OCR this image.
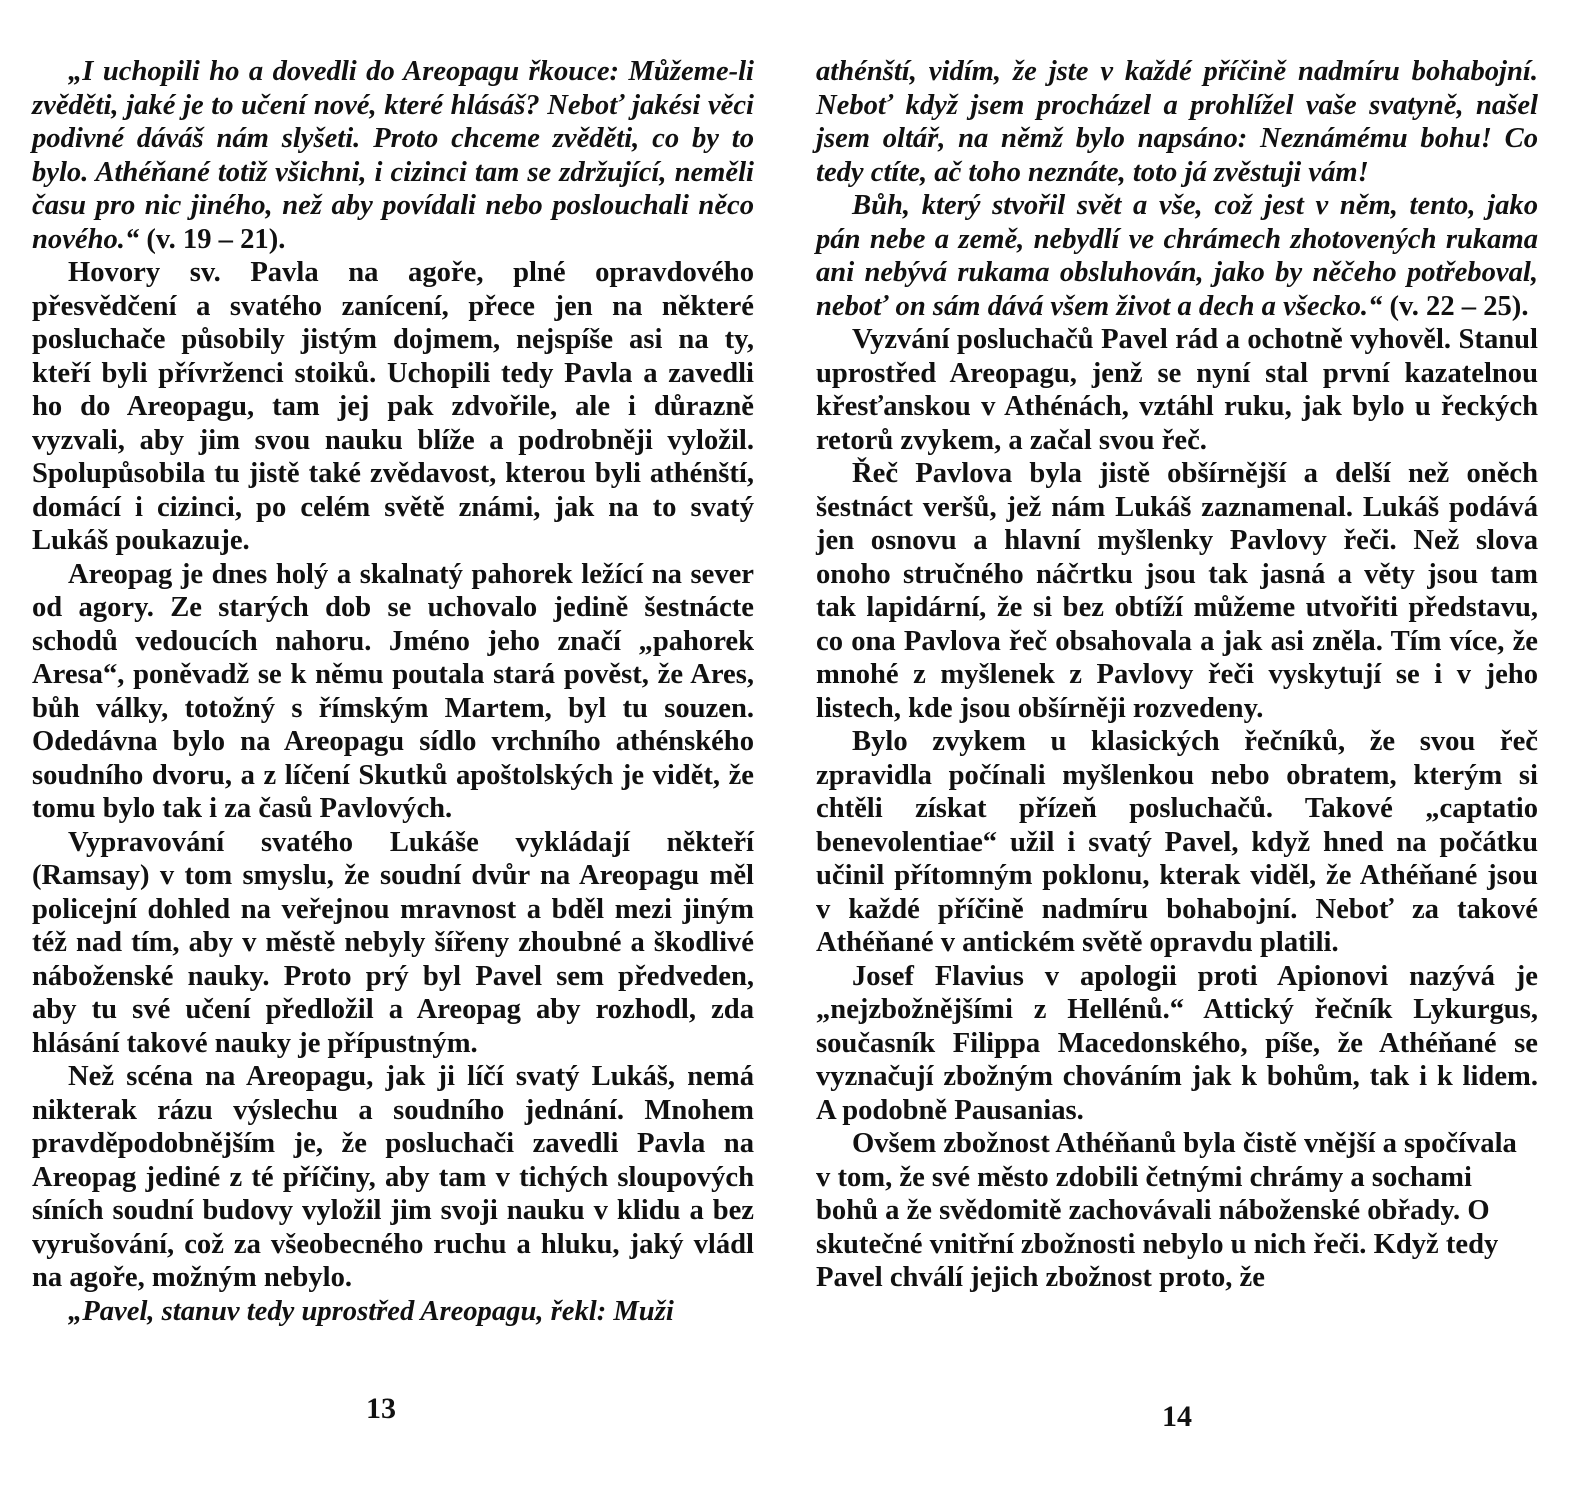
„I uchopili ho a dovedli do Areopagu řkouce: Můžeme-li zvěděti, jaké je to učení nové, které hlásáš? Neboť jakési věci podivné dáváš nám slyšeti. Proto chceme zvěděti, co by to bylo. Athéňané totiž všichni, i cizinci tam se zdržující, neměli času pro nic jiného, než aby povídali nebo poslouchali něco nového.“ (v. 19 – 21).

Hovory sv. Pavla na agoře, plné opravdového přesvědčení a svatého zanícení, přece jen na některé posluchače působily jistým dojmem, nejspíše asi na ty, kteří byli přívrženci stoiků. Uchopili tedy Pavla a zavedli ho do Areopagu, tam jej pak zdvořile, ale i důrazně vyzvali, aby jim svou nauku blíže a podrobněji vyložil. Spolupůsobila tu jistě také zvědavost, kterou byli athénští, domácí i cizinci, po celém světě známi, jak na to svatý Lukáš poukazuje.

Areopag je dnes holý a skalnatý pahorek ležící na sever od agory. Ze starých dob se uchovalo jedině šestnácte schodů vedoucích nahoru. Jméno jeho značí „pahorek Aresa“, poněvadž se k němu poutala stará pověst, že Ares, bůh války, totožný s římským Martem, byl tu souzen. Odedávna bylo na Areopagu sídlo vrchního athénského soudního dvoru, a z líčení Skutků apoštolských je vidět, že tomu bylo tak i za časů Pavlových.

Vypravování svatého Lukáše vykládají někteří (Ramsay) v tom smyslu, že soudní dvůr na Areopagu měl policejní dohled na veřejnou mravnost a bděl mezi jiným též nad tím, aby v městě nebyly šířeny zhoubné a škodlivé náboženské nauky. Proto prý byl Pavel sem předveden, aby tu své učení předložil a Areopag aby rozhodl, zda hlásání takové nauky je přípustným.

Než scéna na Areopagu, jak ji líčí svatý Lukáš, nemá nikterak rázu výslechu a soudního jednání. Mnohem pravděpodobnějším je, že posluchači zavedli Pavla na Areopag jediné z té příčiny, aby tam v tichých sloupových síních soudní budovy vyložil jim svoji nauku v klidu a bez vyrušování, což za všeobecného ruchu a hluku, jaký vládl na agoře, možným nebylo.

„Pavel, stanuv tedy uprostřed Areopagu, řekl: Muži

13

athénští, vidím, že jste v každé příčině nadmíru bohabojní. Neboť když jsem procházel a prohlížel vaše svatyně, našel jsem oltář, na němž bylo napsáno: Neznámému bohu! Co tedy ctíte, ač toho neznáte, toto já zvěstuji vám!

Bůh, který stvořil svět a vše, což jest v něm, tento, jako pán nebe a země, nebydlí ve chrámech zhotovených rukama ani nebývá rukama obsluhován, jako by něčeho potřeboval, neboť on sám dává všem život a dech a všecko.“ (v. 22 – 25).

Vyzvání posluchačů Pavel rád a ochotně vyhověl. Stanul uprostřed Areopagu, jenž se nyní stal první kazatelnou křesťanskou v Athénách, vztáhl ruku, jak bylo u řeckých retorů zvykem, a začal svou řeč.

Řeč Pavlova byla jistě obšírnější a delší než oněch šestnáct veršů, jež nám Lukáš zaznamenal. Lukáš podává jen osnovu a hlavní myšlenky Pavlovy řeči. Než slova onoho stručného náčrtku jsou tak jasná a věty jsou tam tak lapidární, že si bez obtíží můžeme utvořiti představu, co ona Pavlova řeč obsahovala a jak asi zněla. Tím více, že mnohé z myšlenek z Pavlovy řeči vyskytují se i v jeho listech, kde jsou obšírněji rozvedeny.

Bylo zvykem u klasických řečníků, že svou řeč zpravidla počínali myšlenkou nebo obratem, kterým si chtěli získat přízeň posluchačů. Takové „captatio benevolentiae“ užil i svatý Pavel, když hned na počátku učinil přítomným poklonu, kterak viděl, že Athéňané jsou v každé příčině nadmíru bohabojní. Neboť za takové Athéňané v antickém světě opravdu platili.

Josef Flavius v apologii proti Apionovi nazývá je „nejzbožnějšími z Hellénů.“ Attický řečník Lykurgus, současník Filippa Macedonského, píše, že Athéňané se vyznačují zbožným chováním jak k bohům, tak i k lidem. A podobně Pausanias.

Ovšem zbožnost Athéňanů byla čistě vnější a spočívala v tom, že své město zdobili četnými chrámy a sochami bohů a že svědomitě zachovávali náboženské obřady. O skutečné vnitřní zbožnosti nebylo u nich řeči. Když tedy Pavel chválí jejich zbožnost proto, že

14
